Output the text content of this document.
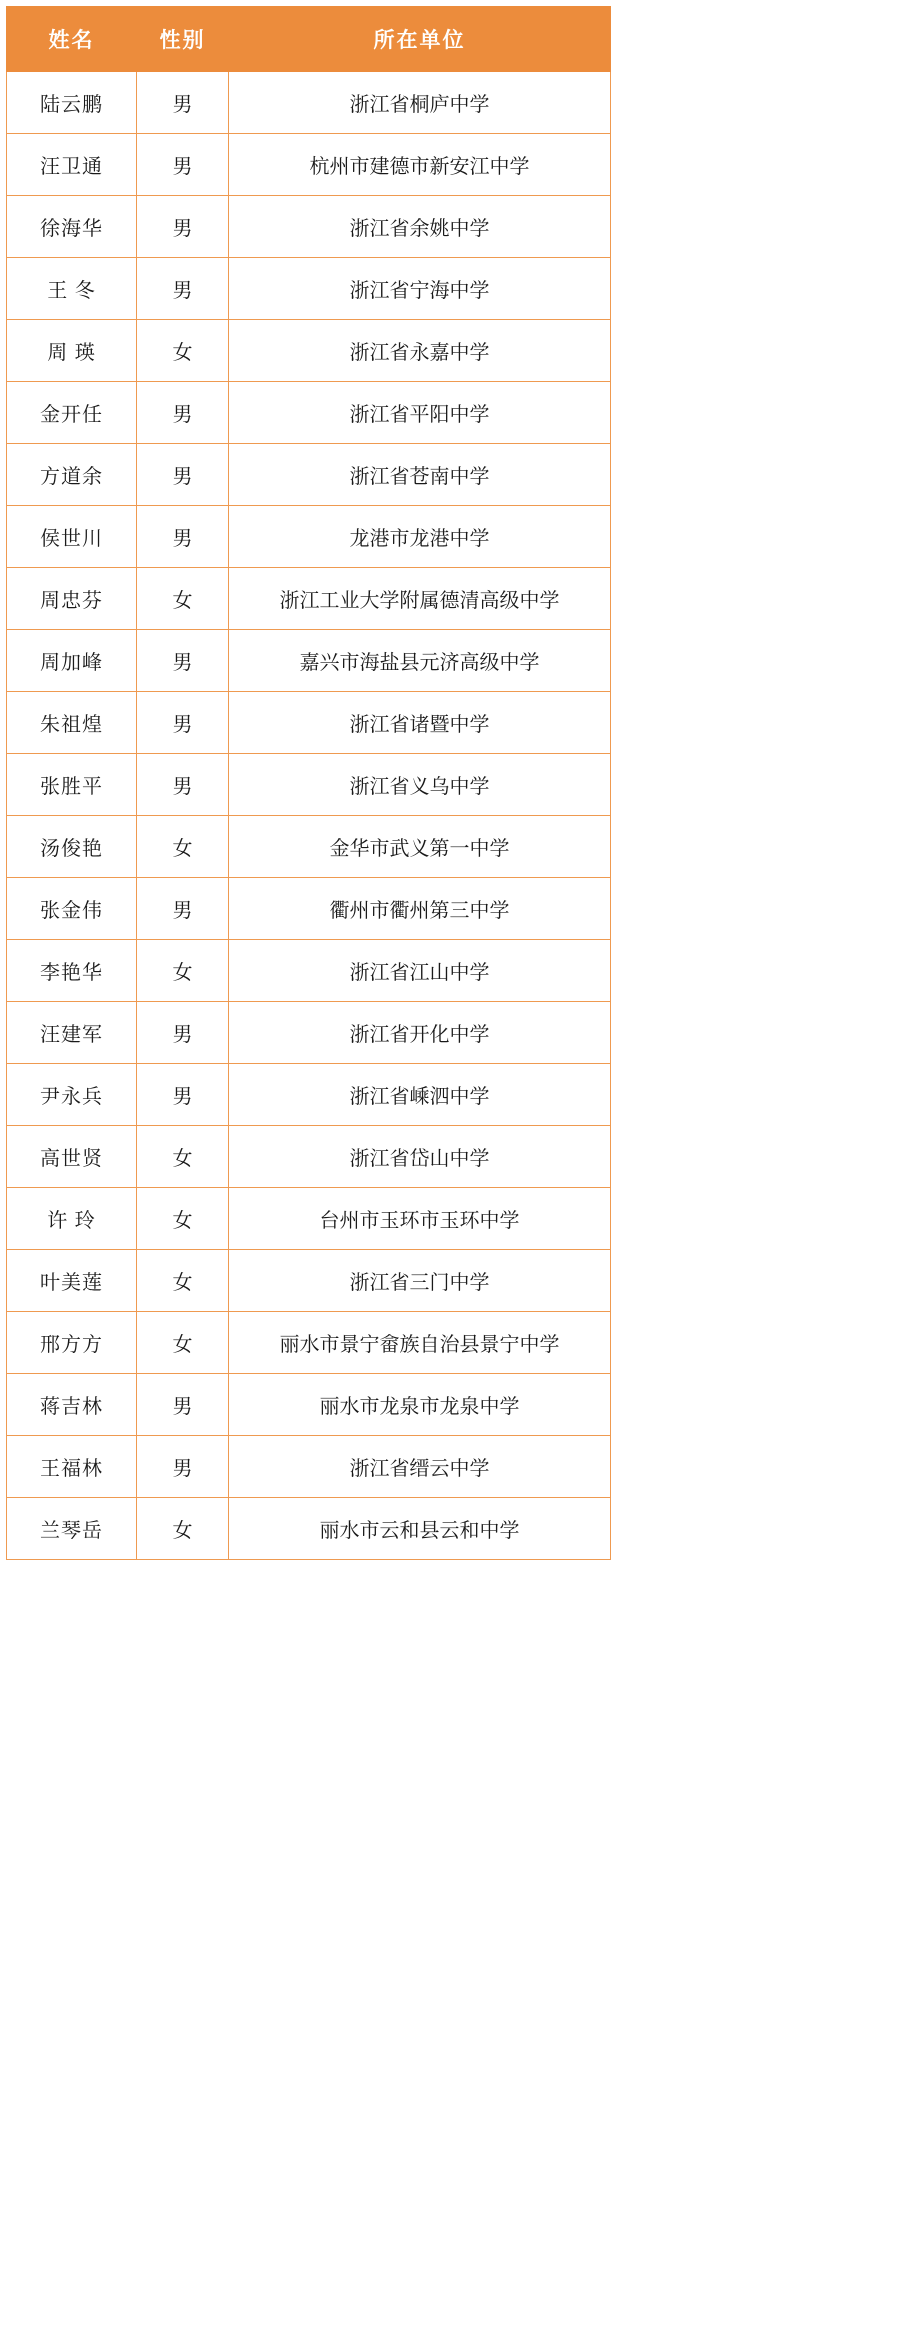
姓名	性别	所在单位
陆云鹏	男	浙江省桐庐中学
汪卫通	男	杭州市建德市新安江中学
徐海华	男	浙江省余姚中学
王 冬	男	浙江省宁海中学
周 瑛	女	浙江省永嘉中学
金开任	男	浙江省平阳中学
方道余	男	浙江省苍南中学
侯世川	男	龙港市龙港中学
周忠芬	女	浙江工业大学附属德清高级中学
周加峰	男	嘉兴市海盐县元济高级中学
朱祖煌	男	浙江省诸暨中学
张胜平	男	浙江省义乌中学
汤俊艳	女	金华市武义第一中学
张金伟	男	衢州市衢州第三中学
李艳华	女	浙江省江山中学
汪建军	男	浙江省开化中学
尹永兵	男	浙江省嵊泗中学
高世贤	女	浙江省岱山中学
许 玲	女	台州市玉环市玉环中学
叶美莲	女	浙江省三门中学
邢方方	女	丽水市景宁畲族自治县景宁中学
蒋吉林	男	丽水市龙泉市龙泉中学
王福林	男	浙江省缙云中学
兰琴岳	女	丽水市云和县云和中学
